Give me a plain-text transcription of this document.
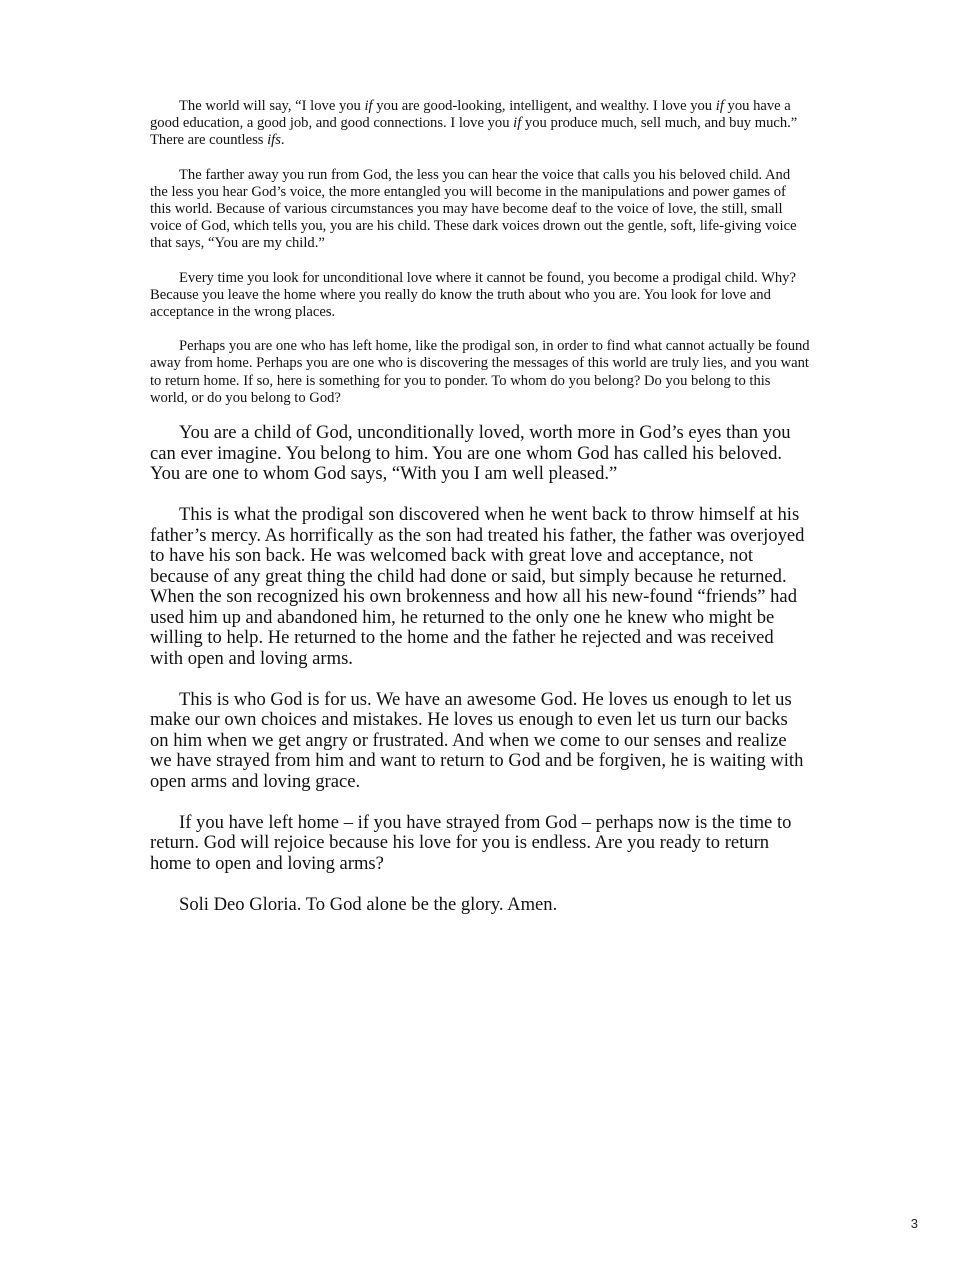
The world will say, “I love you if you are good-looking, intelligent, and wealthy. I love you if you have a good education, a good job, and good connections. I love you if you produce much, sell much, and buy much.” There are countless ifs.

The farther away you run from God, the less you can hear the voice that calls you his beloved child. And the less you hear God’s voice, the more entangled you will become in the manipulations and power games of this world. Because of various circumstances you may have become deaf to the voice of love, the still, small voice of God, which tells you, you are his child. These dark voices drown out the gentle, soft, life-giving voice that says, “You are my child.”

Every time you look for unconditional love where it cannot be found, you become a prodigal child. Why? Because you leave the home where you really do know the truth about who you are. You look for love and acceptance in the wrong places.

Perhaps you are one who has left home, like the prodigal son, in order to find what cannot actually be found away from home. Perhaps you are one who is discovering the messages of this world are truly lies, and you want to return home. If so, here is something for you to ponder. To whom do you belong? Do you belong to this world, or do you belong to God?

You are a child of God, unconditionally loved, worth more in God’s eyes than you can ever imagine. You belong to him. You are one whom God has called his beloved. You are one to whom God says, “With you I am well pleased.”

This is what the prodigal son discovered when he went back to throw himself at his father’s mercy. As horrifically as the son had treated his father, the father was overjoyed to have his son back. He was welcomed back with great love and acceptance, not because of any great thing the child had done or said, but simply because he returned. When the son recognized his own brokenness and how all his new-found “friends” had used him up and abandoned him, he returned to the only one he knew who might be willing to help. He returned to the home and the father he rejected and was received with open and loving arms.

This is who God is for us. We have an awesome God. He loves us enough to let us make our own choices and mistakes. He loves us enough to even let us turn our backs on him when we get angry or frustrated. And when we come to our senses and realize we have strayed from him and want to return to God and be forgiven, he is waiting with open arms and loving grace.

If you have left home – if you have strayed from God – perhaps now is the time to return. God will rejoice because his love for you is endless. Are you ready to return home to open and loving arms?

Soli Deo Gloria. To God alone be the glory. Amen.

3
